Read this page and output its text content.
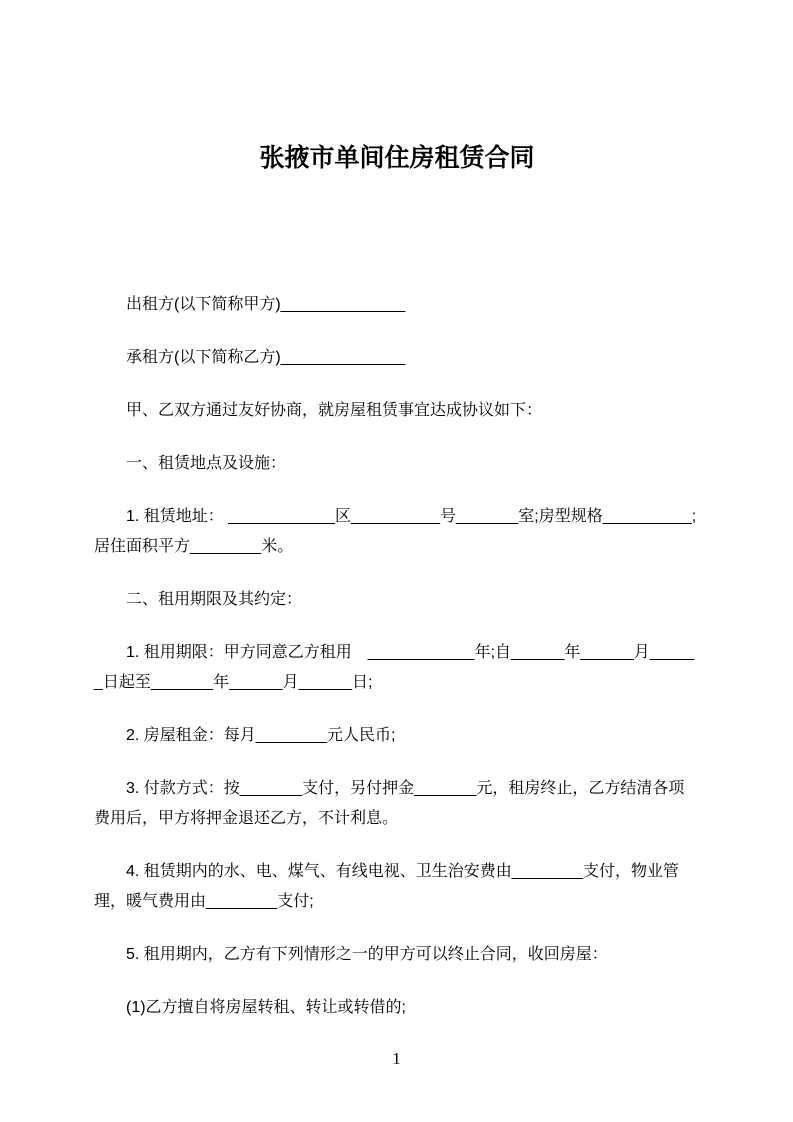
张掖市单间住房租赁合同

出租方(以下简称甲方)______________

承租方(以下简称乙方)______________

甲、乙双方通过友好协商，就房屋租赁事宜达成协议如下：

一、租赁地点及设施：

1. 租赁地址： ____________区__________号_______室;房型规格__________;居住面积平方________米。

二、租用期限及其约定：

1. 租用期限：甲方同意乙方租用　____________年;自______年______月______日起至_______年______月______日;

2. 房屋租金：每月________元人民币;

3. 付款方式：按_______支付，另付押金_______元，租房终止，乙方结清各项费用后，甲方将押金退还乙方，不计利息。

4. 租赁期内的水、电、煤气、有线电视、卫生治安费由________支付，物业管理，暖气费用由________支付;

5. 租用期内，乙方有下列情形之一的甲方可以终止合同，收回房屋：

(1)乙方擅自将房屋转租、转让或转借的;

1
